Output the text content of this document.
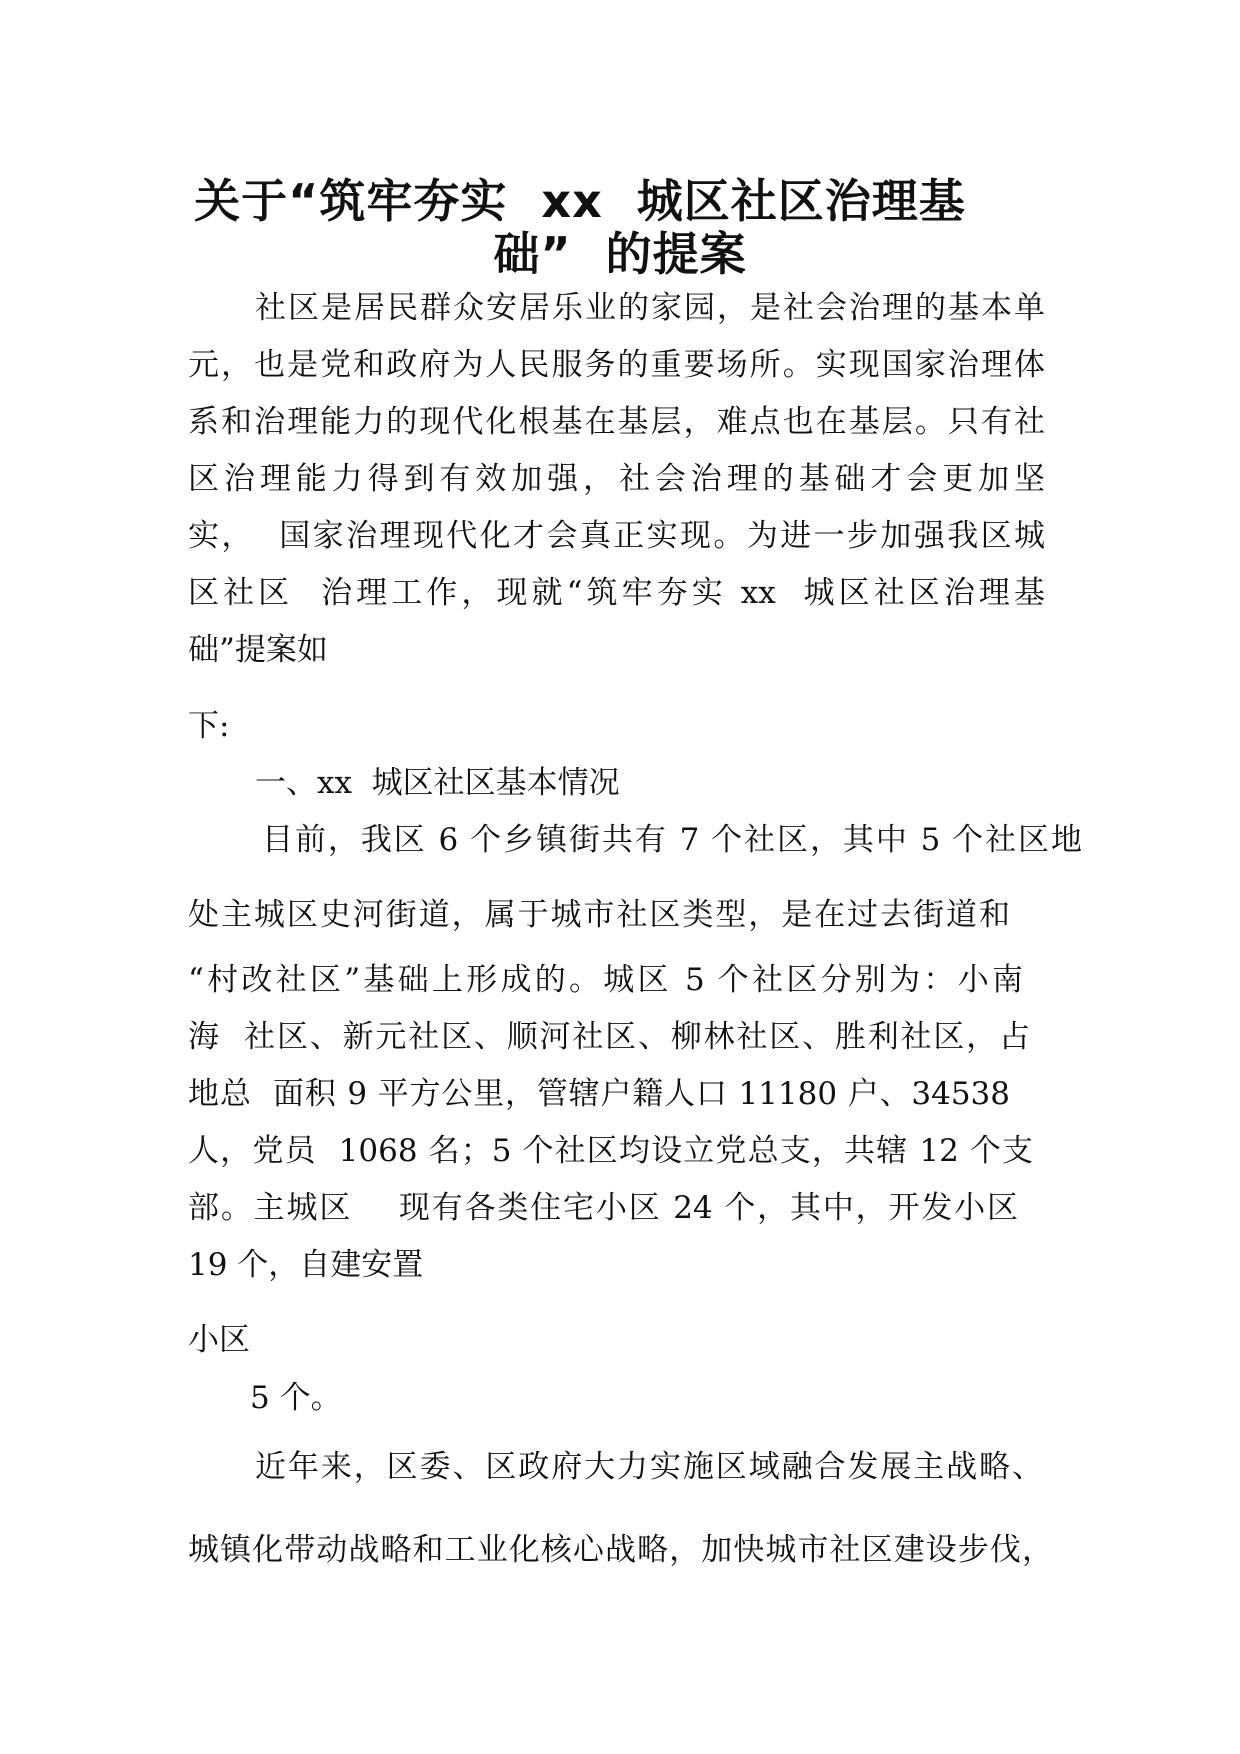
关于“筑牢夯实  xx  城区社区治理基
础”  的提案
社区是居民群众安居乐业的家园，是社会治理的基本单
元，也是党和政府为人民服务的重要场所。实现国家治理体
系和治理能力的现代化根基在基层，难点也在基层。只有社
区治理能力得到有效加强，社会治理的基础才会更加坚
实，  国家治理现代化才会真正实现。为进一步加强我区城
区社区  治理工作，现就“筑牢夯实 xx  城区社区治理基
础”提案如
下:
一、xx  城区社区基本情况
目前，我区 6 个乡镇街共有 7 个社区，其中 5 个社区地
处主城区史河街道，属于城市社区类型，是在过去街道和
“村改社区”基础上形成的。城区 5 个社区分别为：小南
海  社区、新元社区、顺河社区、柳林社区、胜利社区，占
地总  面积 9 平方公里，管辖户籍人口 11180 户、34538
人，党员  1068 名；5 个社区均设立党总支，共辖 12 个支
部。主城区    现有各类住宅小区 24 个，其中，开发小区
19 个，自建安置
小区
5 个。
近年来，区委、区政府大力实施区域融合发展主战略、
城镇化带动战略和工业化核心战略，加快城市社区建设步伐，
